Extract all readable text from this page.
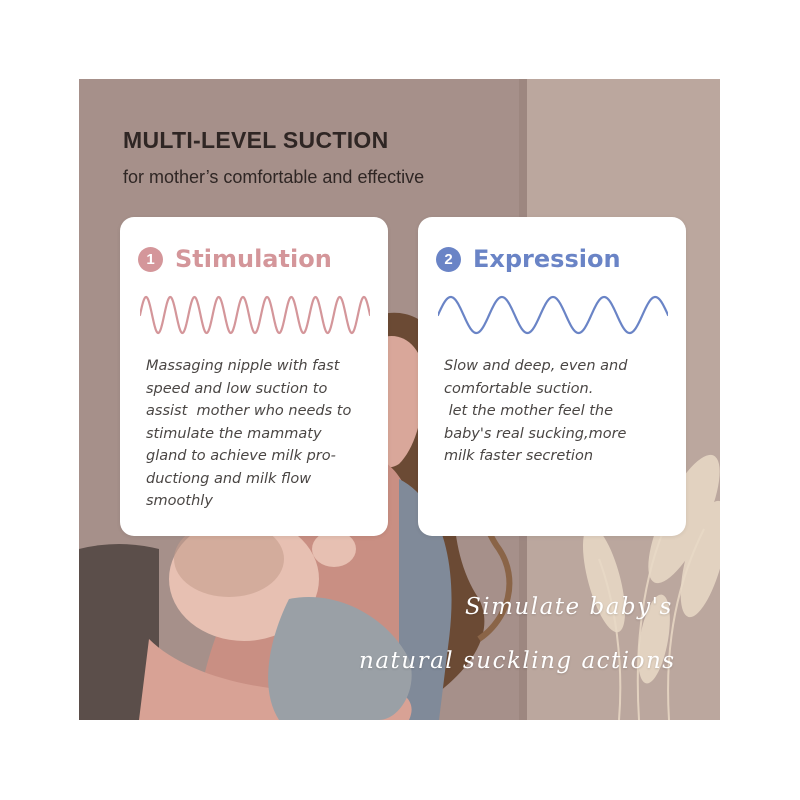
MULTI-LEVEL SUCTION

for mother’s comfortable and effective

1 Stimulation

Massaging nipple with fast
speed and low suction to
assist  mother who needs to
stimulate the mammaty
gland to achieve milk pro-
ductiong and milk flow
smoothly

2 Expression

Slow and deep, even and
comfortable suction.
let the mother feel the
baby's real sucking,more
milk faster secretion

Simulate baby's
natural suckling actions
